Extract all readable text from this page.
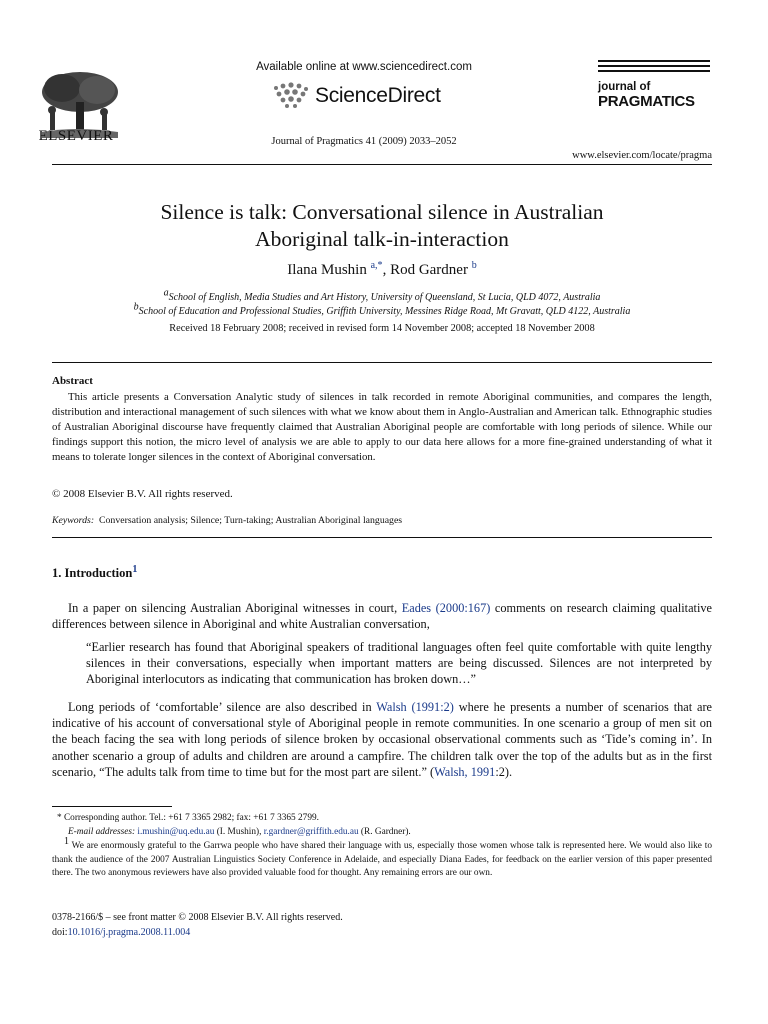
ELSEVIER
Available online at www.sciencedirect.com
ScienceDirect
Journal of Pragmatics 41 (2009) 2033–2052
journal of
PRAGMATICS
www.elsevier.com/locate/pragma
Silence is talk: Conversational silence in Australian
Aboriginal talk-in-interaction
Ilana Mushin $^{a,*}$, Rod Gardner $^b$
$^a$School of English, Media Studies and Art History, University of Queensland, St Lucia, QLD 4072, Australia
$^b$School of Education and Professional Studies, Griffith University, Messines Ridge Road, Mt Gravatt, QLD 4122, Australia
Received 18 February 2008; received in revised form 14 November 2008; accepted 18 November 2008
Abstract
This article presents a Conversation Analytic study of silences in talk recorded in remote Aboriginal communities, and compares the length, distribution and interactional management of such silences with what we know about them in Anglo-Australian and American talk. Ethnographic studies of Australian Aboriginal discourse have frequently claimed that Australian Aboriginal people are comfortable with long periods of silence. While our findings support this notion, the micro level of analysis we are able to apply to our data here allows for a more fine-grained understanding of what it means to tolerate longer silences in the context of Aboriginal conversation.
© 2008 Elsevier B.V. All rights reserved.
Keywords: Conversation analysis; Silence; Turn-taking; Australian Aboriginal languages
1. Introduction$^1$
In a paper on silencing Australian Aboriginal witnesses in court, Eades (2000:167) comments on research claiming qualitative differences between silence in Aboriginal and white Australian conversation,
“Earlier research has found that Aboriginal speakers of traditional languages often feel quite comfortable with quite lengthy silences in their conversations, especially when important matters are being discussed. Silences are not interpreted by Aboriginal interlocutors as indicating that communication has broken down…”
Long periods of ‘comfortable’ silence are also described in Walsh (1991:2) where he presents a number of scenarios that are indicative of his account of conversational style of Aboriginal people in remote communities. In one scenario a group of men sit on the beach facing the sea with long periods of silence broken by occasional observational comments such as ‘Tide’s coming in’. In another scenario a group of adults and children are around a campfire. The children talk over the top of the adults but as in the first scenario, “The adults talk from time to time but for the most part are silent.” (Walsh, 1991:2).
* Corresponding author. Tel.: +61 7 3365 2982; fax: +61 7 3365 2799.
E-mail addresses: i.mushin@uq.edu.au (I. Mushin), r.gardner@griffith.edu.au (R. Gardner).
$^1$ We are enormously grateful to the Garrwa people who have shared their language with us, especially those women whose talk is represented here. We would also like to thank the audience of the 2007 Australian Linguistics Society Conference in Adelaide, and especially Diana Eades, for feedback on the earlier version of this paper presented there. The two anonymous reviewers have also provided valuable food for thought. Any remaining errors are our own.
0378-2166/$ – see front matter © 2008 Elsevier B.V. All rights reserved.
doi:10.1016/j.pragma.2008.11.004
